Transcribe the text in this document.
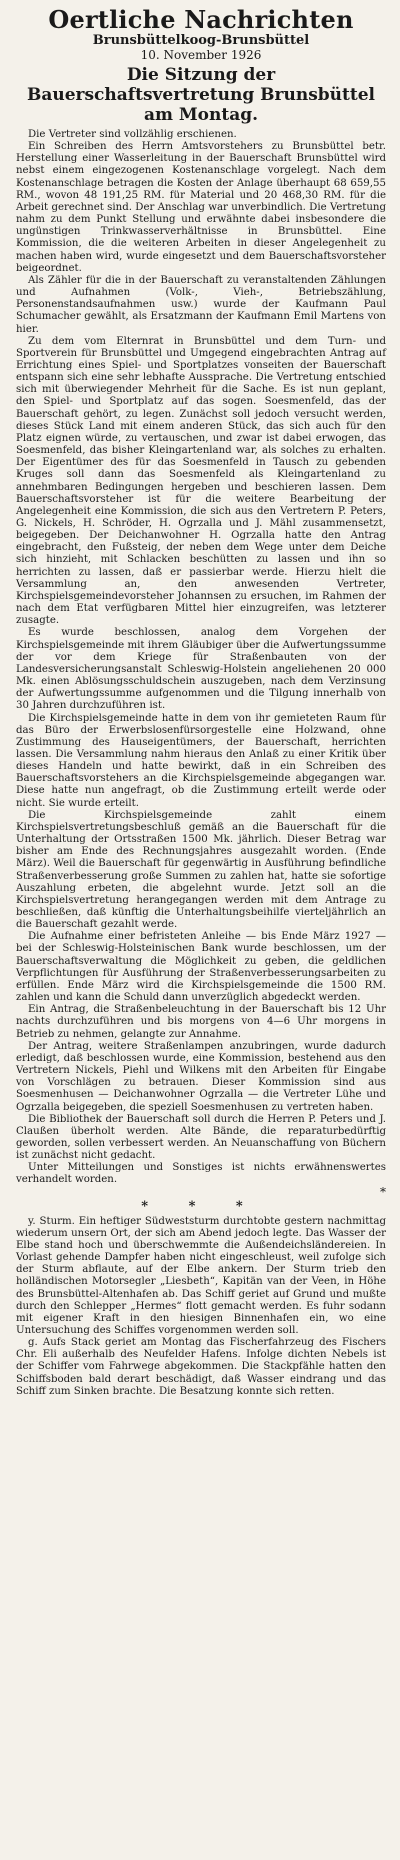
Oertliche Nachrichten
Brunsbüttelkoog-Brunsbüttel
10. November 1926
Die Sitzung der Bauerschaftsvertretung Brunsbüttel am Montag.

Die Vertreter sind vollzählig erschienen.

Ein Schreiben des Herrn Amtsvorstehers zu Brunsbüttel betr. Herstellung einer Wasserleitung in der Bauerschaft Brunsbüttel wird nebst einem eingezogenen Kostenanschlage vorgelegt. Nach dem Kostenanschlage betragen die Kosten der Anlage überhaupt 68 659,55 RM., wovon 48 191,25 RM. für Material und 20 468,30 RM. für die Arbeit gerechnet sind. Der Anschlag war unverbindlich. Die Vertretung nahm zu dem Punkt Stellung und erwähnte dabei insbesondere die ungünstigen Trinkwasserverhältnisse in Brunsbüttel. Eine Kommission, die die weiteren Arbeiten in dieser Angelegenheit zu machen haben wird, wurde eingesetzt und dem Bauerschaftsvorsteher beigeordnet.

Als Zähler für die in der Bauerschaft zu veranstaltenden Zählungen und Aufnahmen (Volk-, Vieh-, Betriebszählung, Personenstandsaufnahmen usw.) wurde der Kaufmann Paul Schumacher gewählt, als Ersatzmann der Kaufmann Emil Martens von hier.

Zu dem vom Elternrat in Brunsbüttel und dem Turn- und Sportverein für Brunsbüttel und Umgegend eingebrachten Antrag auf Errichtung eines Spiel- und Sportplatzes vonseiten der Bauerschaft entspann sich eine sehr lebhafte Aussprache. Die Vertretung entschied sich mit überwiegender Mehrheit für die Sache. Es ist nun geplant, den Spiel- und Sportplatz auf das sogen. Soesmenfeld, das der Bauerschaft gehört, zu legen. Zunächst soll jedoch versucht werden, dieses Stück Land mit einem anderen Stück, das sich auch für den Platz eignen würde, zu vertauschen, und zwar ist dabei erwogen, das Soesmenfeld, das bisher Kleingartenland war, als solches zu erhalten. Der Eigentümer des für das Soesmenfeld in Tausch zu gebenden Kruges soll dann das Soesmenfeld als Kleingartenland zu annehmbaren Bedingungen hergeben und beschieren lassen. Dem Bauerschaftsvorsteher ist für die weitere Bearbeitung der Angelegenheit eine Kommission, die sich aus den Vertretern P. Peters, G. Nickels, H. Schröder, H. Ogrzalla und J. Mähl zusammensetzt, beigegeben. Der Deichanwohner H. Ogrzalla hatte den Antrag eingebracht, den Fußsteig, der neben dem Wege unter dem Deiche sich hinzieht, mit Schlacken beschütten zu lassen und ihn so herrichten zu lassen, daß er passierbar werde. Hierzu hielt die Versammlung an, den anwesenden Vertreter, Kirchspielsgemeindevorsteher Johannsen zu ersuchen, im Rahmen der nach dem Etat verfügbaren Mittel hier einzugreifen, was letzterer zusagte.

Es wurde beschlossen, analog dem Vorgehen der Kirchspielsgemeinde mit ihrem Gläubiger über die Aufwertungssumme der vor dem Kriege für Straßenbauten von der Landesversicherungsanstalt Schleswig-Holstein angeliehenen 20 000 Mk. einen Ablösungsschuldschein auszugeben, nach dem Verzinsung der Aufwertungssumme aufgenommen und die Tilgung innerhalb von 30 Jahren durchzuführen ist.

Die Kirchspielsgemeinde hatte in dem von ihr gemieteten Raum für das Büro der Erwerbslosenfürsorgestelle eine Holzwand, ohne Zustimmung des Hauseigentümers, der Bauerschaft, herrichten lassen. Die Versammlung nahm hieraus den Anlaß zu einer Kritik über dieses Handeln und hatte bewirkt, daß in ein Schreiben des Bauerschaftsvorstehers an die Kirchspielsgemeinde abgegangen war. Diese hatte nun angefragt, ob die Zustimmung erteilt werde oder nicht. Sie wurde erteilt.

Die Kirchspielsgemeinde zahlt einem Kirchspielsvertretungsbeschluß gemäß an die Bauerschaft für die Unterhaltung der Ortsstraßen 1500 Mk. jährlich. Dieser Betrag war bisher am Ende des Rechnungsjahres ausgezahlt worden. (Ende März). Weil die Bauerschaft für gegenwärtig in Ausführung befindliche Straßenverbesserung große Summen zu zahlen hat, hatte sie sofortige Auszahlung erbeten, die abgelehnt wurde. Jetzt soll an die Kirchspielsvertretung herangegangen werden mit dem Antrage zu beschließen, daß künftig die Unterhaltungsbeihilfe vierteljährlich an die Bauerschaft gezahlt werde.

Die Aufnahme einer befristeten Anleihe — bis Ende März 1927 — bei der Schleswig-Holsteinischen Bank wurde beschlossen, um der Bauerschaftsverwaltung die Möglichkeit zu geben, die geldlichen Verpflichtungen für Ausführung der Straßenverbesserungsarbeiten zu erfüllen. Ende März wird die Kirchspielsgemeinde die 1500 RM. zahlen und kann die Schuld dann unverzüglich abgedeckt werden.

Ein Antrag, die Straßenbeleuchtung in der Bauerschaft bis 12 Uhr nachts durchzuführen und bis morgens von 4—6 Uhr morgens in Betrieb zu nehmen, gelangte zur Annahme.

Der Antrag, weitere Straßenlampen anzubringen, wurde dadurch erledigt, daß beschlossen wurde, eine Kommission, bestehend aus den Vertretern Nickels, Piehl und Wilkens mit den Arbeiten für Eingabe von Vorschlägen zu betrauen. Dieser Kommission sind aus Soesmenhusen — Deichanwohner Ogrzalla — die Vertreter Lühe und Ogrzalla beigegeben, die speziell Soesmenhusen zu vertreten haben.

Die Bibliothek der Bauerschaft soll durch die Herren P. Peters und J. Claußen überholt werden. Alte Bände, die reparaturbedürftig geworden, sollen verbessert werden. An Neuanschaffung von Büchern ist zunächst nicht gedacht.

Unter Mitteilungen und Sonstiges ist nichts erwähnenswertes verhandelt worden.

*
* * *

y. Sturm. Ein heftiger Südweststurm durchtobte gestern nachmittag wiederum unsern Ort, der sich am Abend jedoch legte. Das Wasser der Elbe stand hoch und überschwemmte die Außendeichsländereien. In Vorlast gehende Dampfer haben nicht eingeschleust, weil zufolge sich der Sturm abflaute, auf der Elbe ankern. Der Sturm trieb den holländischen Motorsegler „Liesbeth“, Kapitän van der Veen, in Höhe des Brunsbüttel-Altenhafen ab. Das Schiff geriet auf Grund und mußte durch den Schlepper „Hermes“ flott gemacht werden. Es fuhr sodann mit eigener Kraft in den hiesigen Binnenhafen ein, wo eine Untersuchung des Schiffes vorgenommen werden soll.

g. Aufs Stack geriet am Montag das Fischerfahrzeug des Fischers Chr. Eli außerhalb des Neufelder Hafens. Infolge dichten Nebels ist der Schiffer vom Fahrwege abgekommen. Die Stackpfähle hatten den Schiffsboden bald derart beschädigt, daß Wasser eindrang und das Schiff zum Sinken brachte. Die Besatzung konnte sich retten.
